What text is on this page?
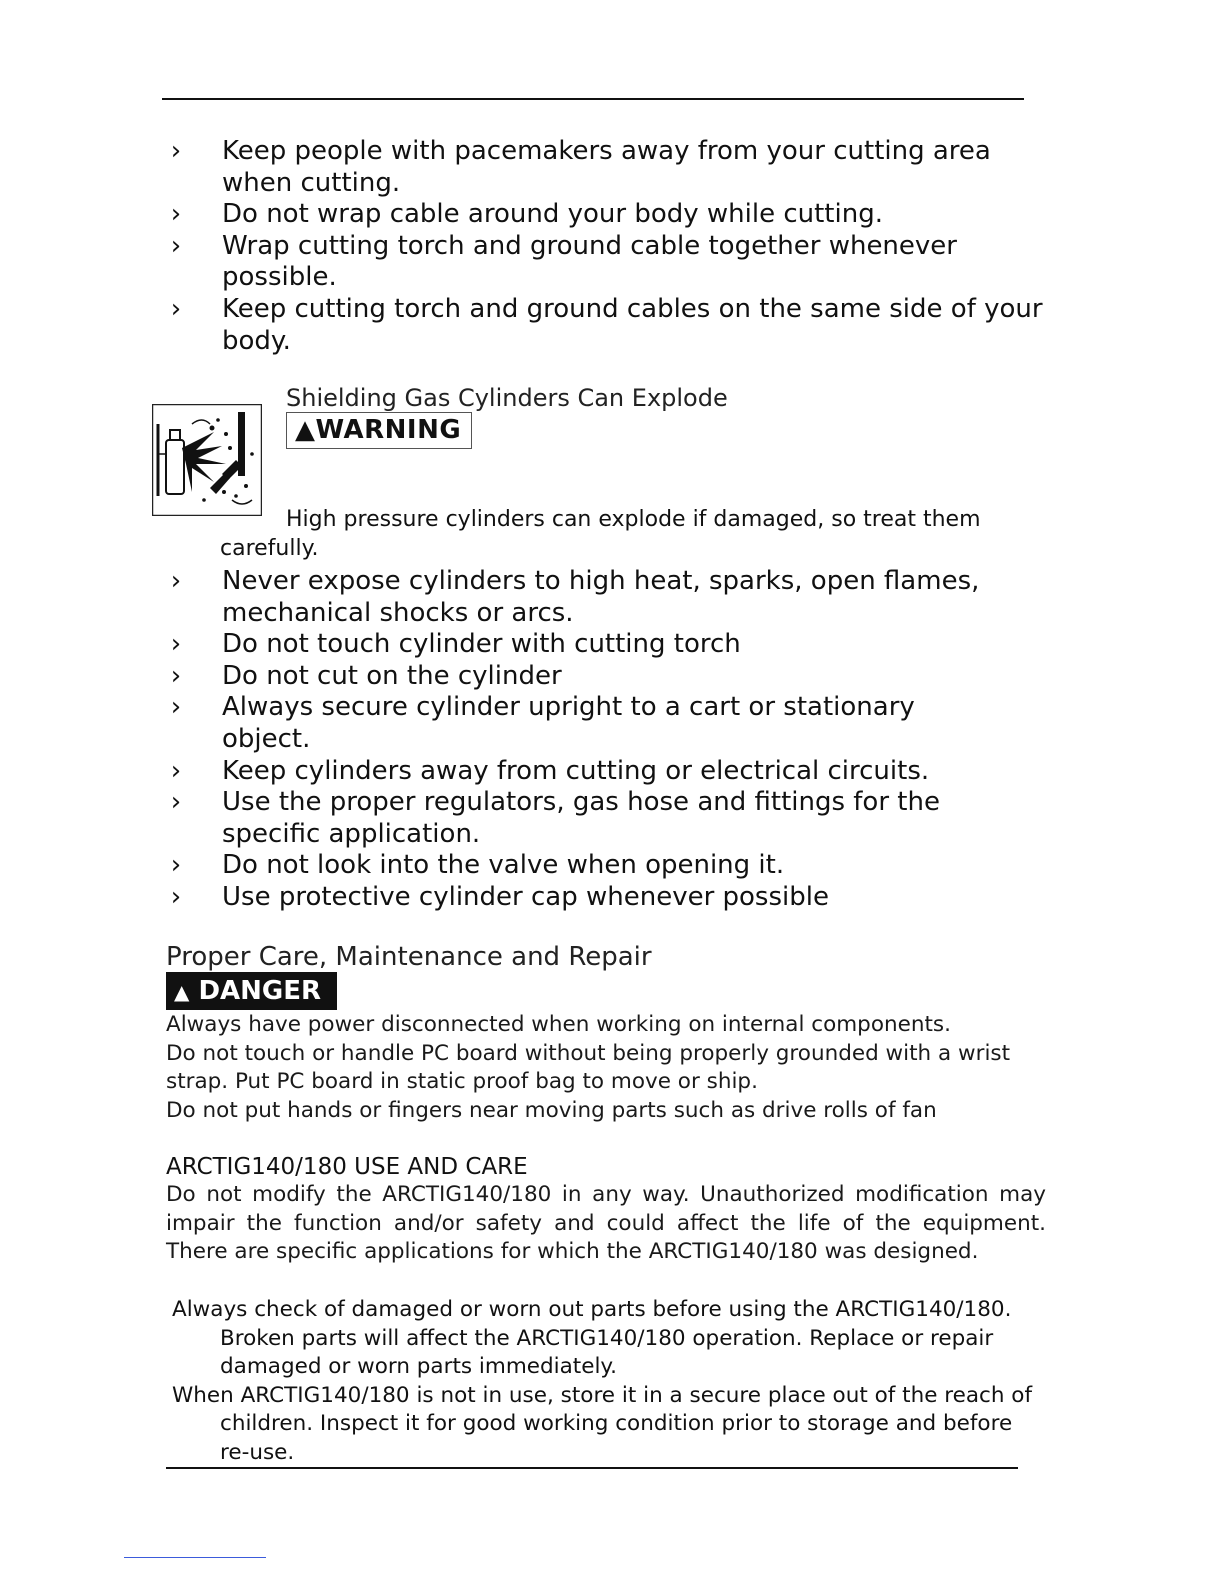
› Keep people with pacemakers away from your cutting area when cutting.
› Do not wrap cable around your body while cutting.
› Wrap cutting torch and ground cable together whenever possible.
› Keep cutting torch and ground cables on the same side of your body.
Shielding Gas Cylinders Can Explode
▲WARNING
High pressure cylinders can explode if damaged, so treat them carefully.
› Never expose cylinders to high heat, sparks, open flames, mechanical shocks or arcs.
› Do not touch cylinder with cutting torch
› Do not cut on the cylinder
› Always secure cylinder upright to a cart or stationary object.
› Keep cylinders away from cutting or electrical circuits.
› Use the proper regulators, gas hose and fittings for the specific application.
› Do not look into the valve when opening it.
› Use protective cylinder cap whenever possible
Proper Care, Maintenance and Repair
▲ DANGER
Always have power disconnected when working on internal components.
Do not touch or handle PC board without being properly grounded with a wrist strap. Put PC board in static proof bag to move or ship.
Do not put hands or fingers near moving parts such as drive rolls of fan
ARCTIG140/180 USE AND CARE
Do not modify the ARCTIG140/180 in any way. Unauthorized modification may impair the function and/or safety and could affect the life of the equipment. There are specific applications for which the ARCTIG140/180 was designed.
Always check of damaged or worn out parts before using the ARCTIG140/180. Broken parts will affect the ARCTIG140/180 operation. Replace or repair damaged or worn parts immediately.
When ARCTIG140/180 is not in use, store it in a secure place out of the reach of children. Inspect it for good working condition prior to storage and before re-use.
